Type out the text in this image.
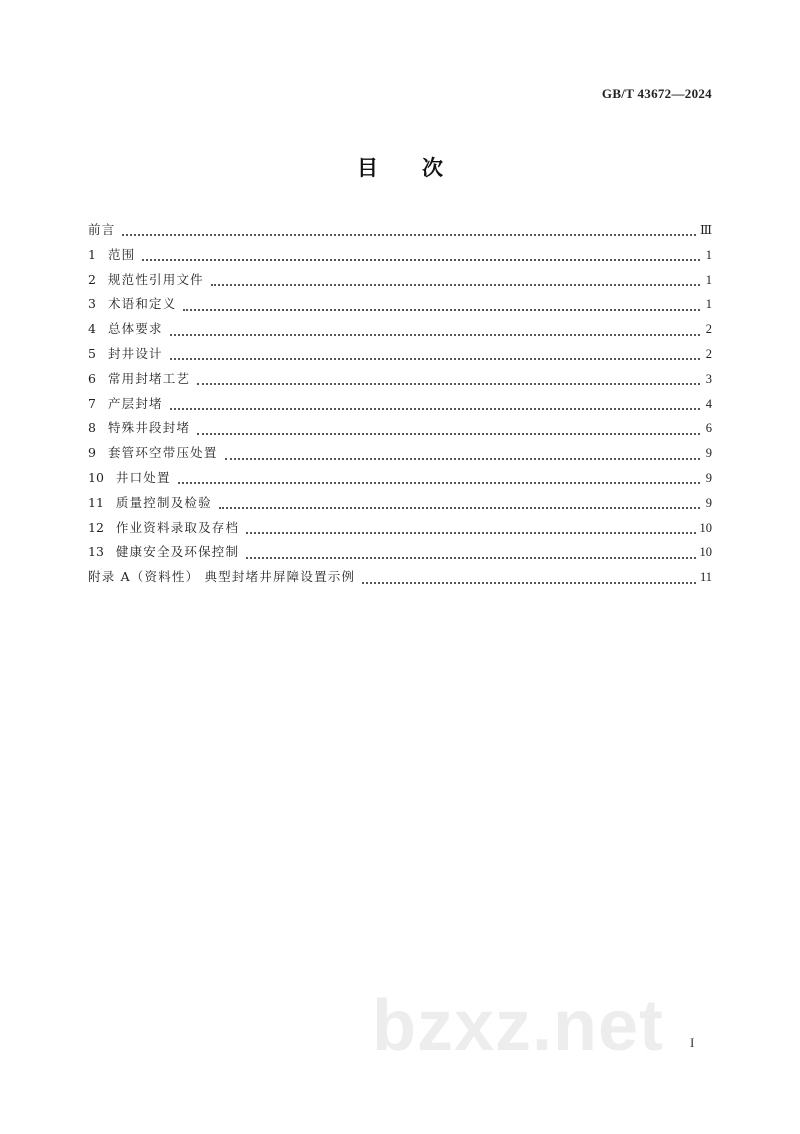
GB/T 43672—2024
目次
前言	Ⅲ
1 范围	1
2 规范性引用文件	1
3 术语和定义	1
4 总体要求	2
5 封井设计	2
6 常用封堵工艺	3
7 产层封堵	4
8 特殊井段封堵	6
9 套管环空带压处置	9
10 井口处置	9
11 质量控制及检验	9
12 作业资料录取及存档	10
13 健康安全及环保控制	10
附录 A（资料性） 典型封堵井屏障设置示例	11
bzxz.net I
